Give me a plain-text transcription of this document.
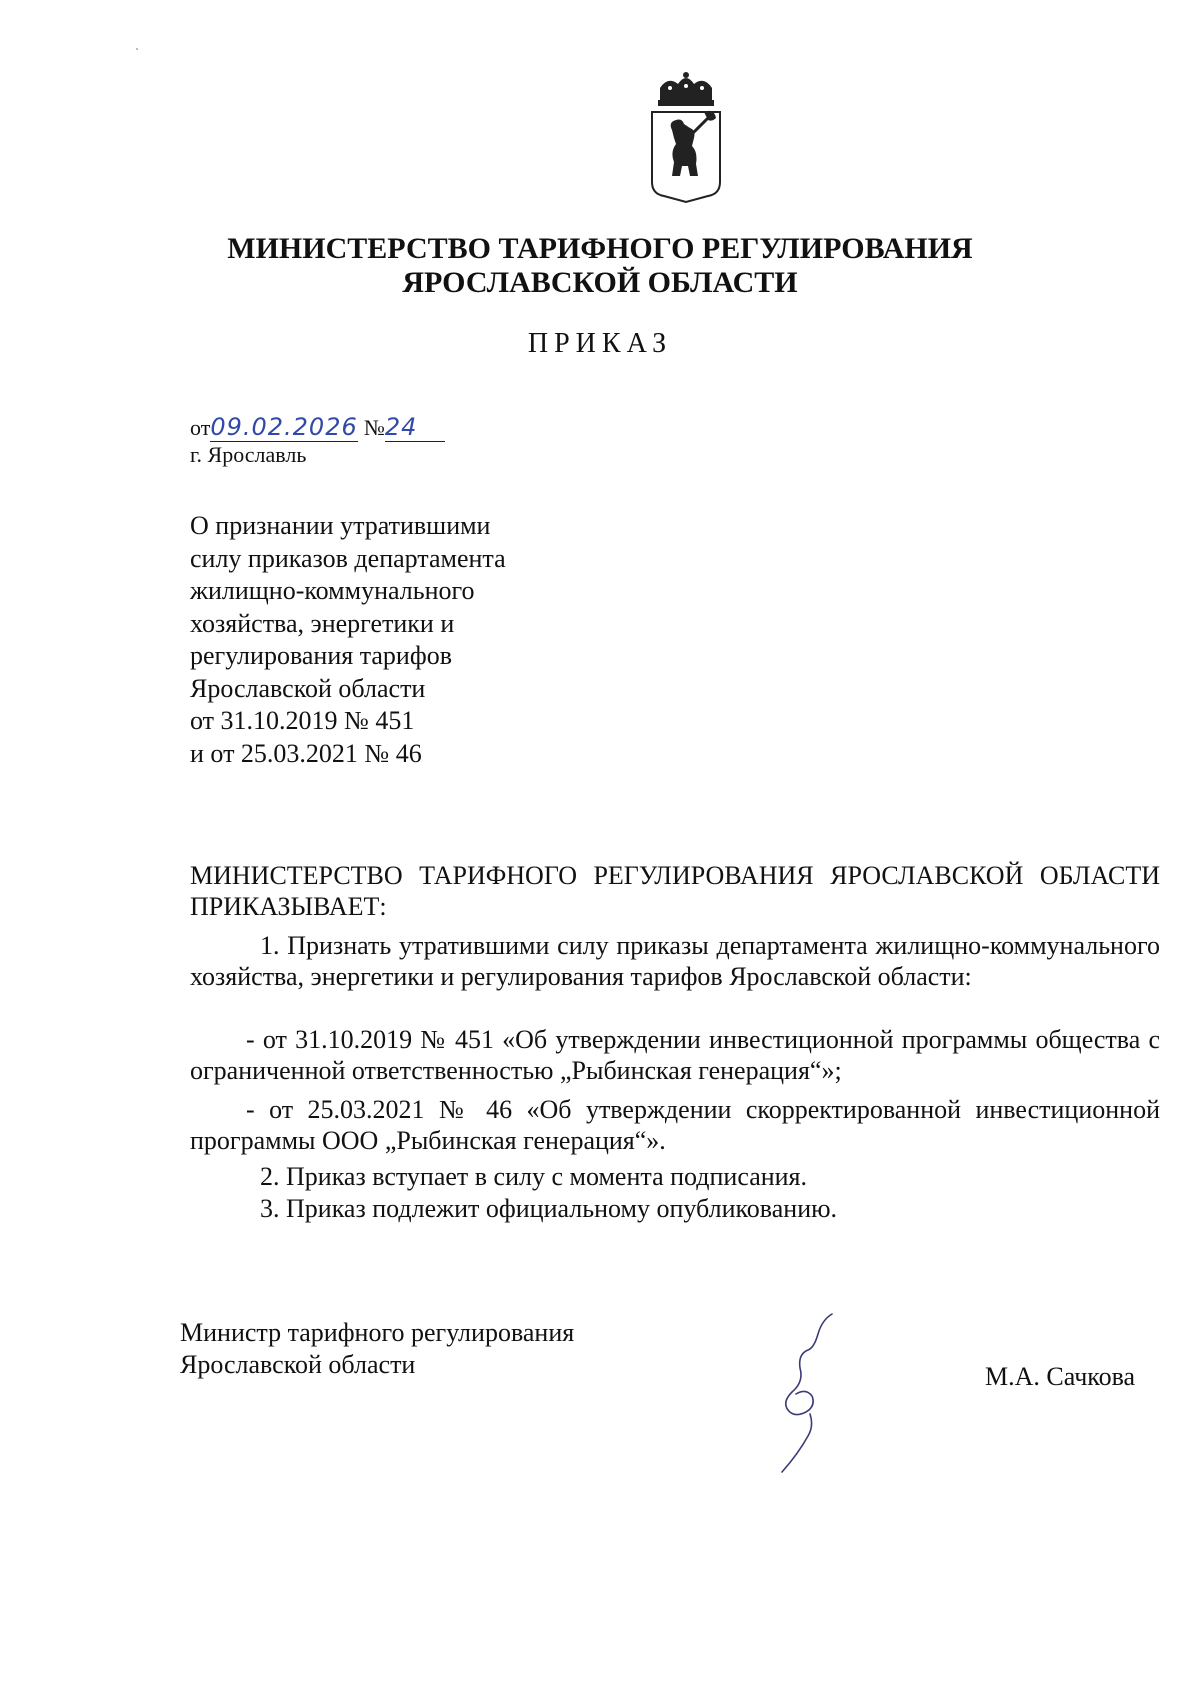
МИНИСТЕРСТВО ТАРИФНОГО РЕГУЛИРОВАНИЯ
ЯРОСЛАВСКОЙ ОБЛАСТИ
ПРИКАЗ
от09.02.2026 №24
г. Ярославль
О признании утратившими
силу приказов департамента
жилищно-коммунального
хозяйства, энергетики и
регулирования тарифов
Ярославской области
от 31.10.2019 № 451
и от 25.03.2021 № 46
МИНИСТЕРСТВО ТАРИФНОГО РЕГУЛИРОВАНИЯ ЯРОСЛАВСКОЙ ОБЛАСТИ ПРИКАЗЫВАЕТ:
1. Признать утратившими силу приказы департамента жилищно-коммунального хозяйства, энергетики и регулирования тарифов Ярославской области:
- от 31.10.2019 № 451 «Об утверждении инвестиционной программы общества с ограниченной ответственностью „Рыбинская генерация“»;
- от 25.03.2021 № 46 «Об утверждении скорректированной инвестиционной программы ООО „Рыбинская генерация“».
2. Приказ вступает в силу с момента подписания.
3. Приказ подлежит официальному опубликованию.
Министр тарифного регулирования
Ярославской области	М.А. Сачкова
